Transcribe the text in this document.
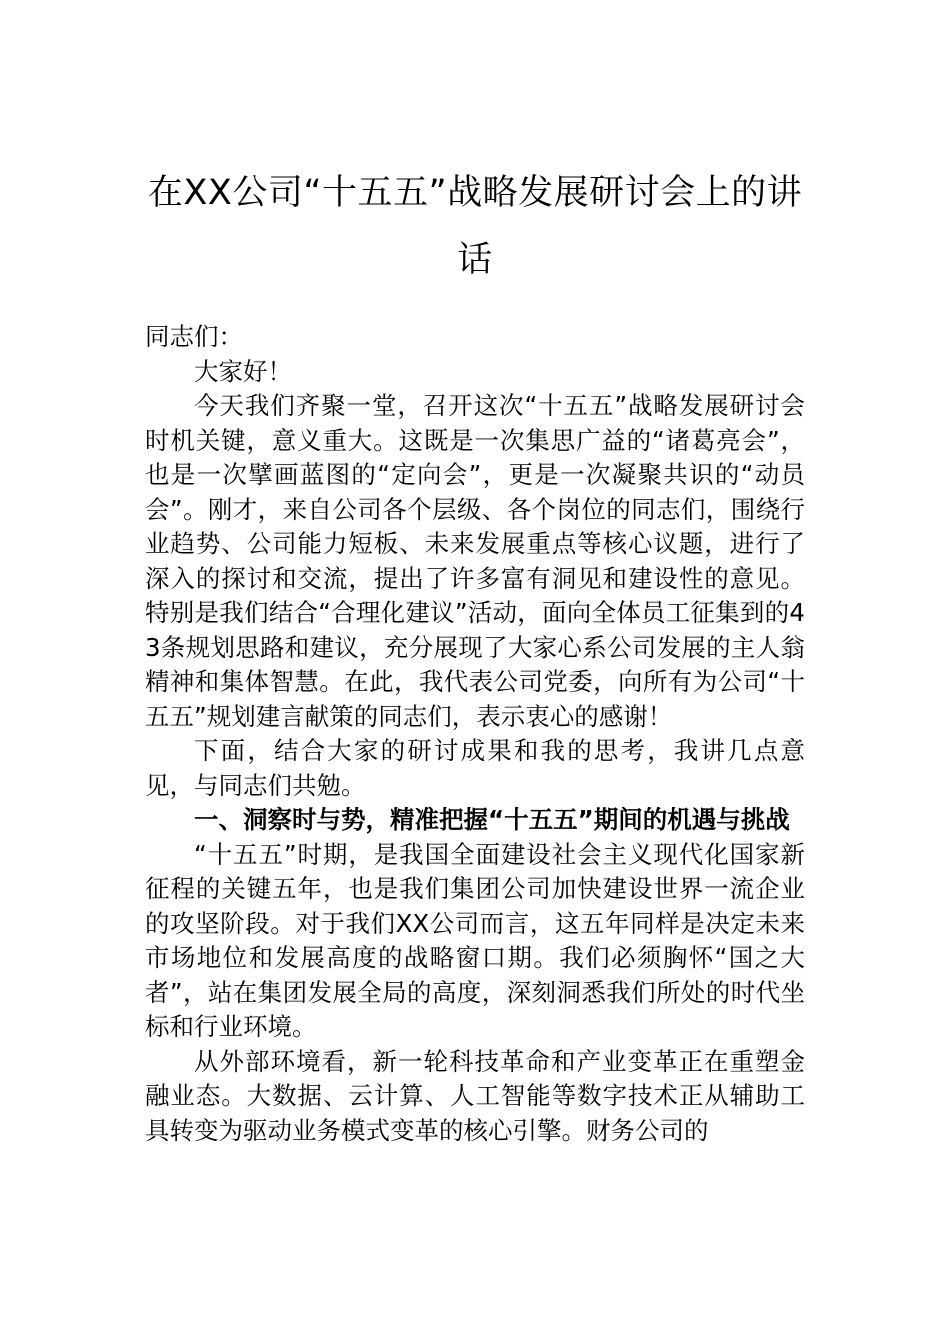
在XX公司“十五五”战略发展研讨会上的讲话

同志们：

大家好！

今天我们齐聚一堂，召开这次“十五五”战略发展研讨会时机关键，意义重大。这既是一次集思广益的“诸葛亮会”，也是一次擘画蓝图的“定向会”，更是一次凝聚共识的“动员会”。刚才，来自公司各个层级、各个岗位的同志们，围绕行业趋势、公司能力短板、未来发展重点等核心议题，进行了深入的探讨和交流，提出了许多富有洞见和建设性的意见。特别是我们结合“合理化建议”活动，面向全体员工征集到的43条规划思路和建议，充分展现了大家心系公司发展的主人翁精神和集体智慧。在此，我代表公司党委，向所有为公司“十五五”规划建言献策的同志们，表示衷心的感谢！

下面，结合大家的研讨成果和我的思考，我讲几点意见，与同志们共勉。

一、洞察时与势，精准把握“十五五”期间的机遇与挑战

“十五五”时期，是我国全面建设社会主义现代化国家新征程的关键五年，也是我们集团公司加快建设世界一流企业的攻坚阶段。对于我们XX公司而言，这五年同样是决定未来市场地位和发展高度的战略窗口期。我们必须胸怀“国之大者”，站在集团发展全局的高度，深刻洞悉我们所处的时代坐标和行业环境。

从外部环境看，新一轮科技革命和产业变革正在重塑金融业态。大数据、云计算、人工智能等数字技术正从辅助工具转变为驱动业务模式变革的核心引擎。财务公司的
